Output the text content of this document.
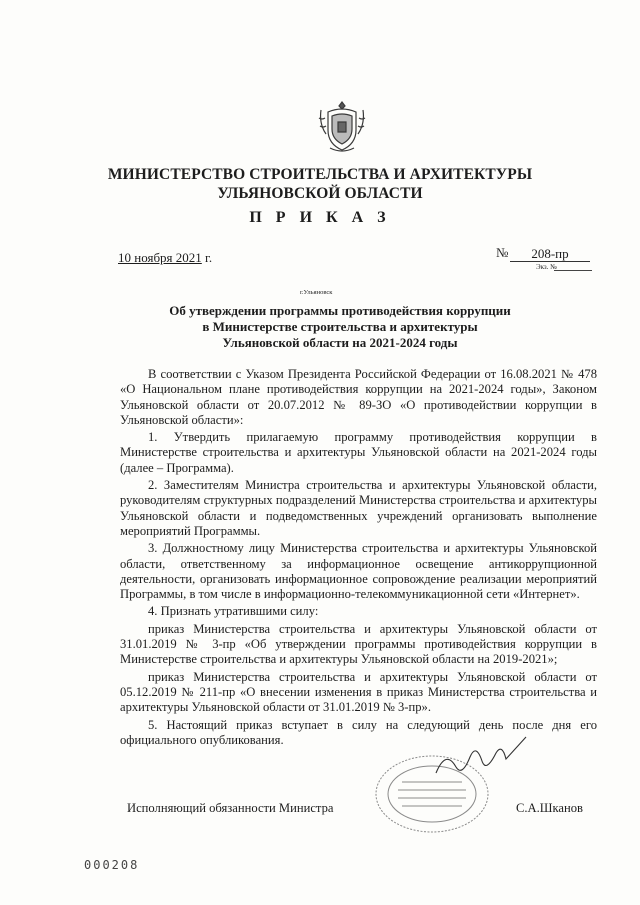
МИНИСТЕРСТВО СТРОИТЕЛЬСТВА И АРХИТЕКТУРЫ
УЛЬЯНОВСКОЙ ОБЛАСТИ
П Р И К А З
10 ноября 2021 г.	№	208-пр
Экз. №
г.Ульяновск
Об утверждении программы противодействия коррупции
в Министерстве строительства и архитектуры
Ульяновской области на 2021-2024 годы

В соответствии с Указом Президента Российской Федерации от 16.08.2021 № 478 «О Национальном плане противодействия коррупции на 2021-2024 годы», Законом Ульяновской области от 20.07.2012 № 89-ЗО «О противодействии коррупции в Ульяновской области»:

1. Утвердить прилагаемую программу противодействия коррупции в Министерстве строительства и архитектуры Ульяновской области на 2021-2024 годы (далее – Программа).

2. Заместителям Министра строительства и архитектуры Ульяновской области, руководителям структурных подразделений Министерства строительства и архитектуры Ульяновской области и подведомственных учреждений организовать выполнение мероприятий Программы.

3. Должностному лицу Министерства строительства и архитектуры Ульяновской области, ответственному за информационное освещение антикоррупционной деятельности, организовать информационное сопровождение реализации мероприятий Программы, в том числе в информационно-телекоммуникационной сети «Интернет».

4. Признать утратившими силу:

приказ Министерства строительства и архитектуры Ульяновской области от 31.01.2019 № 3-пр «Об утверждении программы противодействия коррупции в Министерстве строительства и архитектуры Ульяновской области на 2019-2021»;

приказ Министерства строительства и архитектуры Ульяновской области от 05.12.2019 № 211-пр «О внесении изменения в приказ Министерства строительства и архитектуры Ульяновской области от 31.01.2019 № 3-пр».

5. Настоящий приказ вступает в силу на следующий день после дня его официального опубликования.

Исполняющий обязанности Министра	С.А.Шканов
000208
